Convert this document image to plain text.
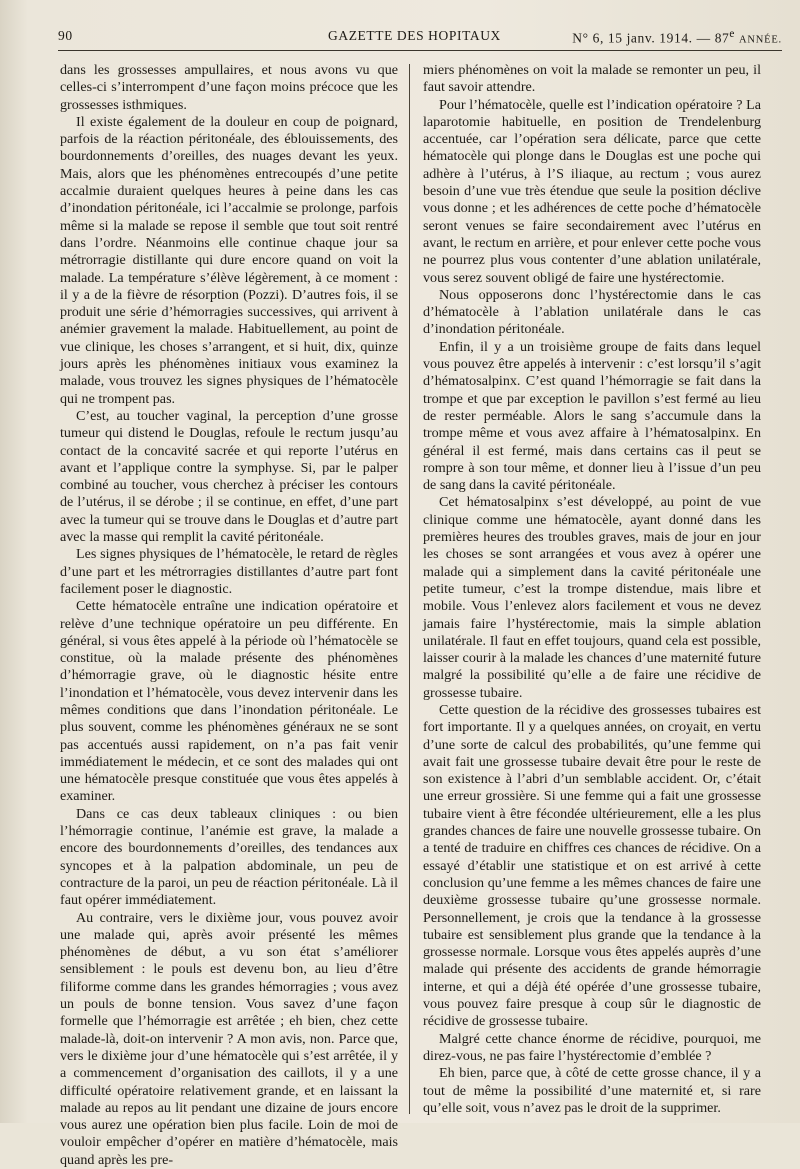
90	GAZETTE DES HOPITAUX	N° 6, 15 janv. 1914. — 87e ANNÉE.

dans les grossesses ampullaires, et nous avons vu que celles-ci s’interrompent d’une façon moins précoce que les grossesses isthmiques.

Il existe également de la douleur en coup de poignard, parfois de la réaction péritonéale, des éblouissements, des bourdonnements d’oreilles, des nuages devant les yeux. Mais, alors que les phénomènes entrecoupés d’une petite accalmie duraient quelques heures à peine dans les cas d’inondation péritonéale, ici l’accalmie se prolonge, parfois même si la malade se repose il semble que tout soit rentré dans l’ordre. Néanmoins elle continue chaque jour sa métrorragie distillante qui dure encore quand on voit la malade. La température s’élève légèrement, à ce moment : il y a de la fièvre de résorption (Pozzi). D’autres fois, il se produit une série d’hémorragies successives, qui arrivent à anémier gravement la malade. Habituellement, au point de vue clinique, les choses s’arrangent, et si huit, dix, quinze jours après les phénomènes initiaux vous examinez la malade, vous trouvez les signes physiques de l’hématocèle qui ne trompent pas.

C’est, au toucher vaginal, la perception d’une grosse tumeur qui distend le Douglas, refoule le rectum jusqu’au contact de la concavité sacrée et qui reporte l’utérus en avant et l’applique contre la symphyse. Si, par le palper combiné au toucher, vous cherchez à préciser les contours de l’utérus, il se dérobe ; il se continue, en effet, d’une part avec la tumeur qui se trouve dans le Douglas et d’autre part avec la masse qui remplit la cavité péritonéale.

Les signes physiques de l’hématocèle, le retard de règles d’une part et les métrorragies distillantes d’autre part font facilement poser le diagnostic.

Cette hématocèle entraîne une indication opératoire et relève d’une technique opératoire un peu différente. En général, si vous êtes appelé à la période où l’hématocèle se constitue, où la malade présente des phénomènes d’hémorragie grave, où le diagnostic hésite entre l’inondation et l’hématocèle, vous devez intervenir dans les mêmes conditions que dans l’inondation péritonéale. Le plus souvent, comme les phénomènes généraux ne se sont pas accentués aussi rapidement, on n’a pas fait venir immédiatement le médecin, et ce sont des malades qui ont une hématocèle presque constituée que vous êtes appelés à examiner.

Dans ce cas deux tableaux cliniques : ou bien l’hémorragie continue, l’anémie est grave, la malade a encore des bourdonnements d’oreilles, des tendances aux syncopes et à la palpation abdominale, un peu de contracture de la paroi, un peu de réaction péritonéale. Là il faut opérer immédiatement.

Au contraire, vers le dixième jour, vous pouvez avoir une malade qui, après avoir présenté les mêmes phénomènes de début, a vu son état s’améliorer sensiblement : le pouls est devenu bon, au lieu d’être filiforme comme dans les grandes hémorragies ; vous avez un pouls de bonne tension. Vous savez d’une façon formelle que l’hémorragie est arrêtée ; eh bien, chez cette malade-là, doit-on intervenir ? A mon avis, non. Parce que, vers le dixième jour d’une hématocèle qui s’est arrêtée, il y a commencement d’organisation des caillots, il y a une difficulté opératoire relativement grande, et en laissant la malade au repos au lit pendant une dizaine de jours encore vous aurez une opération bien plus facile. Loin de moi de vouloir empêcher d’opérer en matière d’hématocèle, mais quand après les pre-

miers phénomènes on voit la malade se remonter un peu, il faut savoir attendre.

Pour l’hématocèle, quelle est l’indication opératoire ? La laparotomie habituelle, en position de Trendelenburg accentuée, car l’opération sera délicate, parce que cette hématocèle qui plonge dans le Douglas est une poche qui adhère à l’utérus, à l’S iliaque, au rectum ; vous aurez besoin d’une vue très étendue que seule la position déclive vous donne ; et les adhérences de cette poche d’hématocèle seront venues se faire secondairement avec l’utérus en avant, le rectum en arrière, et pour enlever cette poche vous ne pourrez plus vous contenter d’une ablation unilatérale, vous serez souvent obligé de faire une hystérectomie.

Nous opposerons donc l’hystérectomie dans le cas d’hématocèle à l’ablation unilatérale dans le cas d’inondation péritonéale.

Enfin, il y a un troisième groupe de faits dans lequel vous pouvez être appelés à intervenir : c’est lorsqu’il s’agit d’hématosalpinx. C’est quand l’hémorragie se fait dans la trompe et que par exception le pavillon s’est fermé au lieu de rester perméable. Alors le sang s’accumule dans la trompe même et vous avez affaire à l’hématosalpinx. En général il est fermé, mais dans certains cas il peut se rompre à son tour même, et donner lieu à l’issue d’un peu de sang dans la cavité péritonéale.

Cet hématosalpinx s’est développé, au point de vue clinique comme une hématocèle, ayant donné dans les premières heures des troubles graves, mais de jour en jour les choses se sont arrangées et vous avez à opérer une malade qui a simplement dans la cavité péritonéale une petite tumeur, c’est la trompe distendue, mais libre et mobile. Vous l’enlevez alors facilement et vous ne devez jamais faire l’hystérectomie, mais la simple ablation unilatérale. Il faut en effet toujours, quand cela est possible, laisser courir à la malade les chances d’une maternité future malgré la possibilité qu’elle a de faire une récidive de grossesse tubaire.

Cette question de la récidive des grossesses tubaires est fort importante. Il y a quelques années, on croyait, en vertu d’une sorte de calcul des probabilités, qu’une femme qui avait fait une grossesse tubaire devait être pour le reste de son existence à l’abri d’un semblable accident. Or, c’était une erreur grossière. Si une femme qui a fait une grossesse tubaire vient à être fécondée ultérieurement, elle a les plus grandes chances de faire une nouvelle grossesse tubaire. On a tenté de traduire en chiffres ces chances de récidive. On a essayé d’établir une statistique et on est arrivé à cette conclusion qu’une femme a les mêmes chances de faire une deuxième grossesse tubaire qu’une grossesse normale. Personnellement, je crois que la tendance à la grossesse tubaire est sensiblement plus grande que la tendance à la grossesse normale. Lorsque vous êtes appelés auprès d’une malade qui présente des accidents de grande hémorragie interne, et qui a déjà été opérée d’une grossesse tubaire, vous pouvez faire presque à coup sûr le diagnostic de récidive de grossesse tubaire.

Malgré cette chance énorme de récidive, pourquoi, me direz-vous, ne pas faire l’hystérectomie d’emblée ?

Eh bien, parce que, à côté de cette grosse chance, il y a tout de même la possibilité d’une maternité et, si rare qu’elle soit, vous n’avez pas le droit de la supprimer.
